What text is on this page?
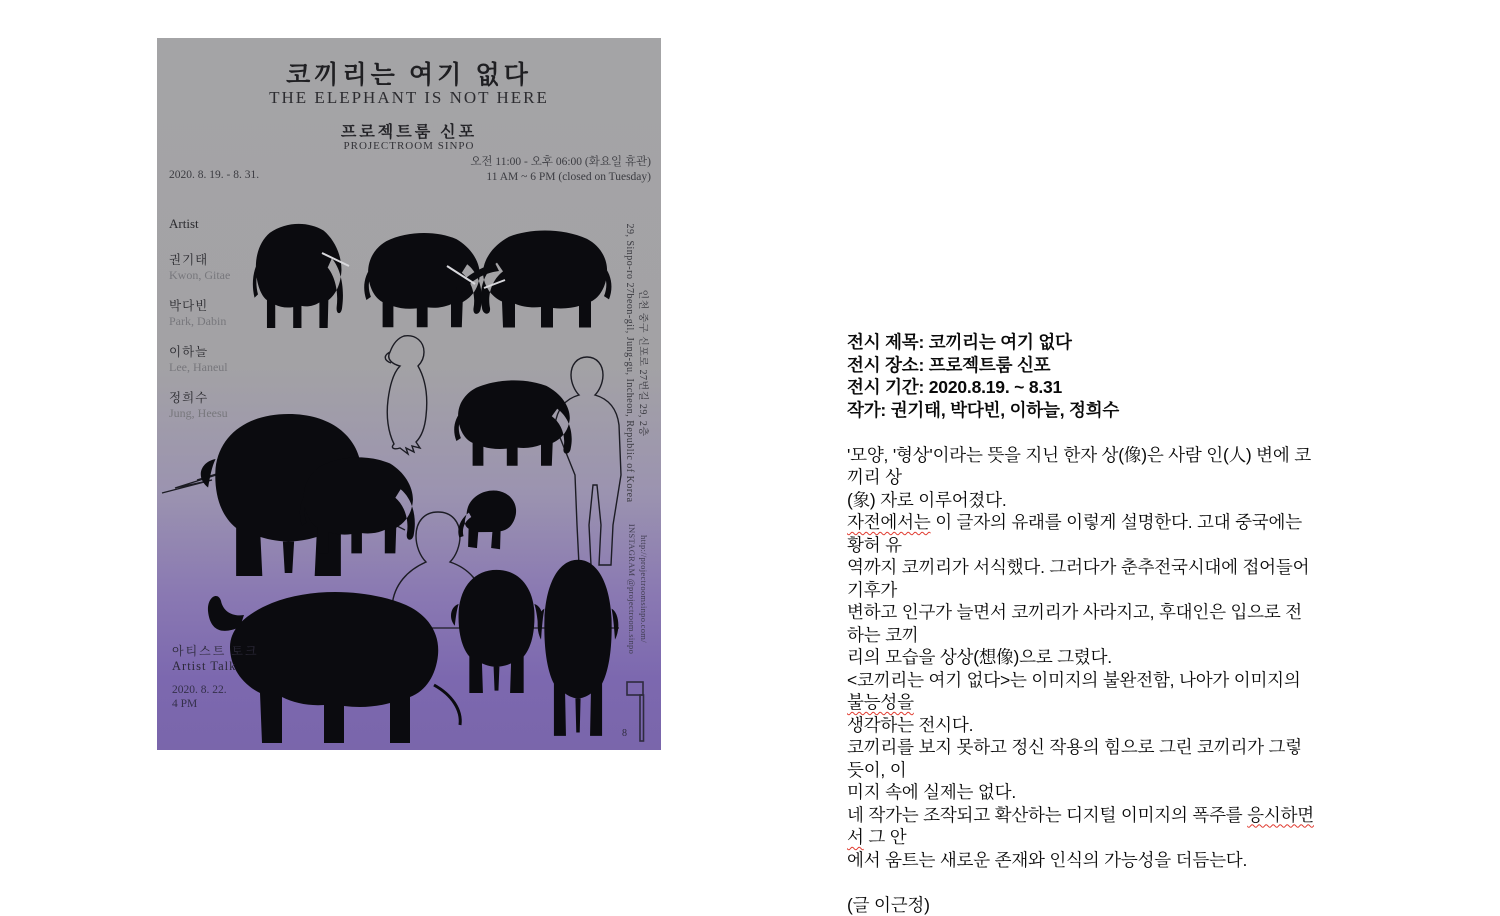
8
코끼리는 여기 없다
THE ELEPHANT IS NOT HERE
프로젝트룸 신포
PROJECTROOM SINPO
오전 11:00 - 오후 06:00 (화요일 휴관)
11 AM ~ 6 PM (closed on Tuesday)
2020. 8. 19. - 8. 31.
Artist
권기태
Kwon, Gitae
박다빈
Park, Dabin
이하늘
Lee, Haneul
정희수
Jung, Heesu	인천 중구 신포로 27번길 29, 2층
29, Sinpo-ro 27beon-gil, Jung-gu, Incheon, Republic of Korea
http://projectroomsinpo.com/
INSTAGRAM @projectroom.sinpo
아티스트 토크
Artist Talk
2020. 8. 22.
4 PM
전시 제목: 코끼리는 여기 없다
전시 장소: 프로젝트룸 신포
전시 기간: 2020.8.19. ~ 8.31
작가: 권기태, 박다빈, 이하늘, 정희수

'모양, '형상'이라는 뜻을 지닌 한자 상(像)은 사람 인(人) 변에 코끼리 상
(象) 자로 이루어졌다.
자전에서는 이 글자의 유래를 이렇게 설명한다. 고대 중국에는 황허 유
역까지 코끼리가 서식했다. 그러다가 춘추전국시대에 접어들어 기후가
변하고 인구가 늘면서 코끼리가 사라지고, 후대인은 입으로 전하는 코끼
리의 모습을 상상(想像)으로 그렸다.
<코끼리는 여기 없다>는 이미지의 불완전함, 나아가 이미지의 불능성을
생각하는 전시다.
코끼리를 보지 못하고 정신 작용의 힘으로 그린 코끼리가 그렇듯이, 이
미지 속에 실제는 없다.
네 작가는 조작되고 확산하는 디지털 이미지의 폭주를 응시하면서 그 안
에서 움트는 새로운 존재와 인식의 가능성을 더듬는다.

(글 이근정)
